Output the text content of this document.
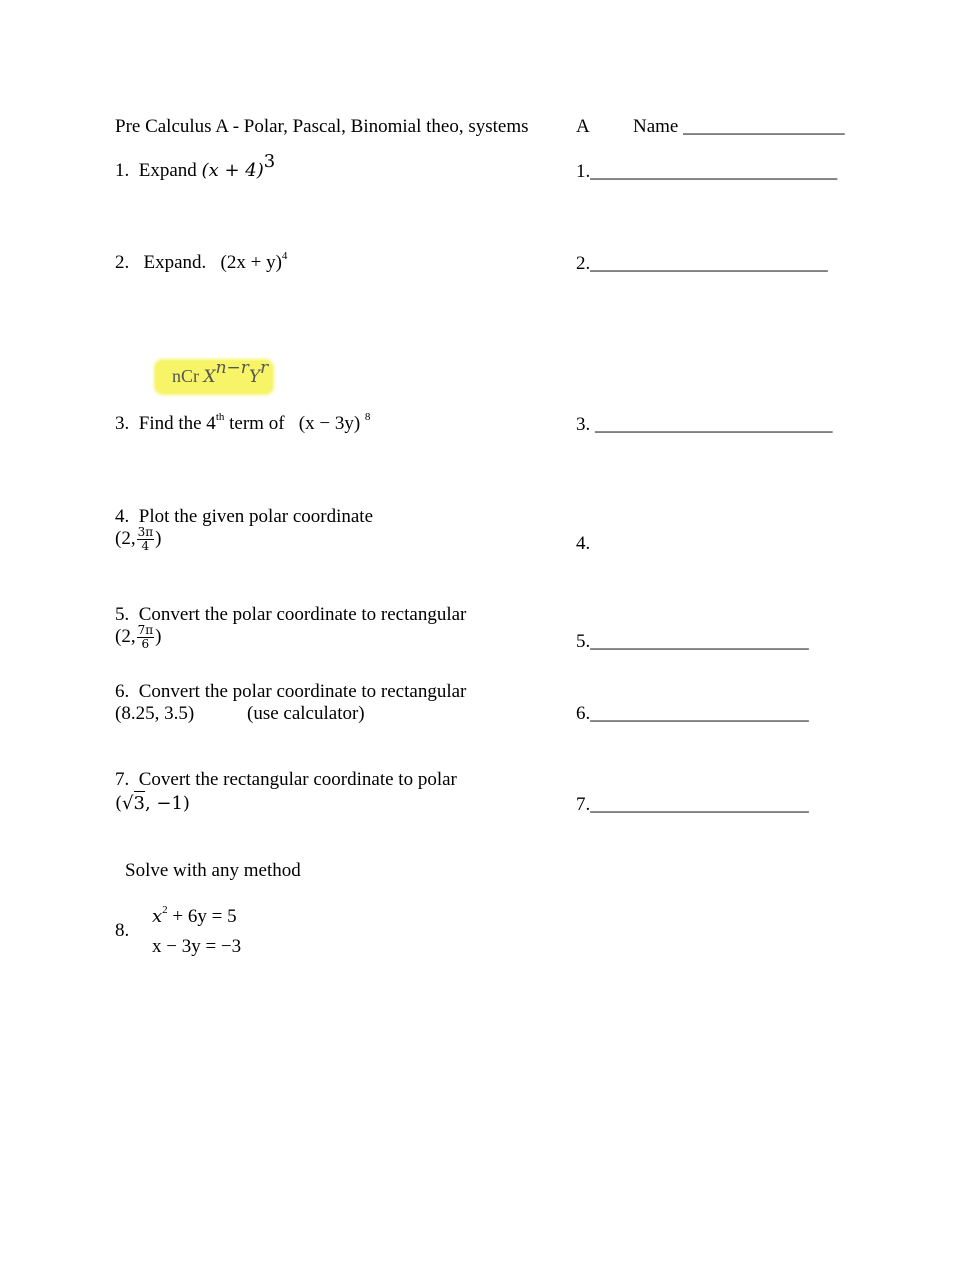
Pre Calculus A - Polar, Pascal, Binomial theo, systems A Name _________________
1. Expand $(x + 4)^3$	1.__________________________
2. Expand. $(2x + y)^4$	2._________________________
nCr $X^{n-r}Y^r$
3. Find the 4th term of (x − 3y) $^8$	3. _________________________
4. Plot the given polar coordinate
(2, $\frac{3\pi}{4}$ )	4.
5. Convert the polar coordinate to rectangular
(2, $\frac{7\pi}{6}$ )	5._______________________
6. Convert the polar coordinate to rectangular
(8.25, 3.5)	(use calculator)	6._______________________
7. Covert the rectangular coordinate to polar
(√3, −1)	7._______________________
Solve with any method
8.
$x^2 + 6y = 5$
x − 3y = −3
